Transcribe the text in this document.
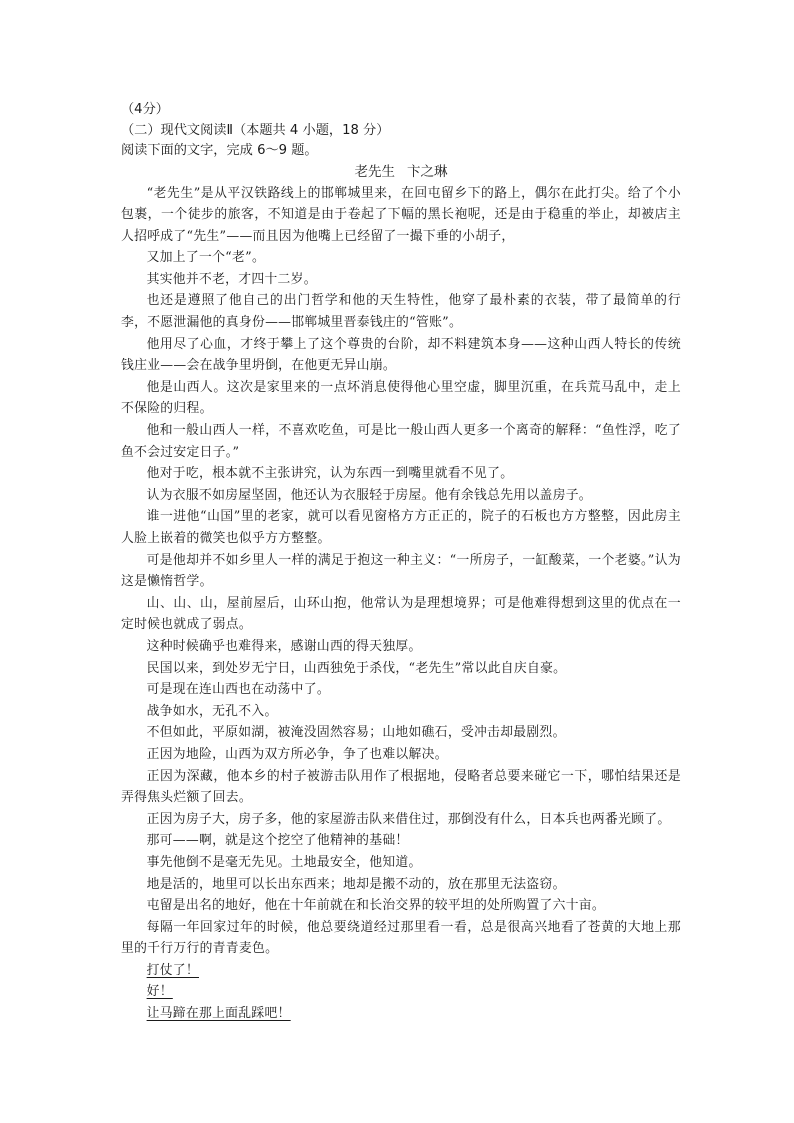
（4分）
（二）现代文阅读Ⅱ（本题共 4 小题，18 分）
阅读下面的文字，完成 6～9 题。
老先生 卞之琳

“老先生”是从平汉铁路线上的邯郸城里来，在回屯留乡下的路上，偶尔在此打尖。给了个小包裹，一个徒步的旅客，不知道是由于卷起了下幅的黑长袍呢，还是由于稳重的举止，却被店主人招呼成了“先生”——而且因为他嘴上已经留了一撮下垂的小胡子，

又加上了一个“老”。

其实他并不老，才四十二岁。

也还是遵照了他自己的出门哲学和他的天生特性，他穿了最朴素的衣装，带了最简单的行李，不愿泄漏他的真身份——邯郸城里晋泰钱庄的“管账”。

他用尽了心血，才终于攀上了这个尊贵的台阶，却不料建筑本身——这种山西人特长的传统钱庄业——会在战争里坍倒，在他更无异山崩。

他是山西人。这次是家里来的一点坏消息使得他心里空虚，脚里沉重，在兵荒马乱中，走上不保险的归程。

他和一般山西人一样，不喜欢吃鱼，可是比一般山西人更多一个离奇的解释：“鱼性浮，吃了鱼不会过安定日子。”

他对于吃，根本就不主张讲究，认为东西一到嘴里就看不见了。

认为衣服不如房屋坚固，他还认为衣服轻于房屋。他有余钱总先用以盖房子。

谁一进他“山国”里的老家，就可以看见窗格方方正正的，院子的石板也方方整整，因此房主人脸上嵌着的微笑也似乎方方整整。

可是他却并不如乡里人一样的满足于抱这一种主义：“一所房子，一缸酸菜，一个老婆。”认为这是懒惰哲学。

山、山、山，屋前屋后，山环山抱，他常认为是理想境界；可是他难得想到这里的优点在一定时候也就成了弱点。

这种时候确乎也难得来，感谢山西的得天独厚。

民国以来，到处岁无宁日，山西独免于杀伐，“老先生”常以此自庆自豪。

可是现在连山西也在动荡中了。

战争如水，无孔不入。

不但如此，平原如湖，被淹没固然容易；山地如礁石，受冲击却最剧烈。

正因为地险，山西为双方所必争，争了也难以解决。

正因为深藏，他本乡的村子被游击队用作了根据地，侵略者总要来碰它一下，哪怕结果还是弄得焦头烂额了回去。

正因为房子大，房子多，他的家屋游击队来借住过，那倒没有什么，日本兵也两番光顾了。

那可——啊，就是这个挖空了他精神的基础！

事先他倒不是毫无先见。土地最安全，他知道。

地是活的，地里可以长出东西来；地却是搬不动的，放在那里无法盗窃。

屯留是出名的地好，他在十年前就在和长治交界的较平坦的处所购置了六十亩。

每隔一年回家过年的时候，他总要绕道经过那里看一看，总是很高兴地看了苍黄的大地上那里的千行万行的青青麦色。

打仗了！

好！

让马蹄在那上面乱踩吧！
